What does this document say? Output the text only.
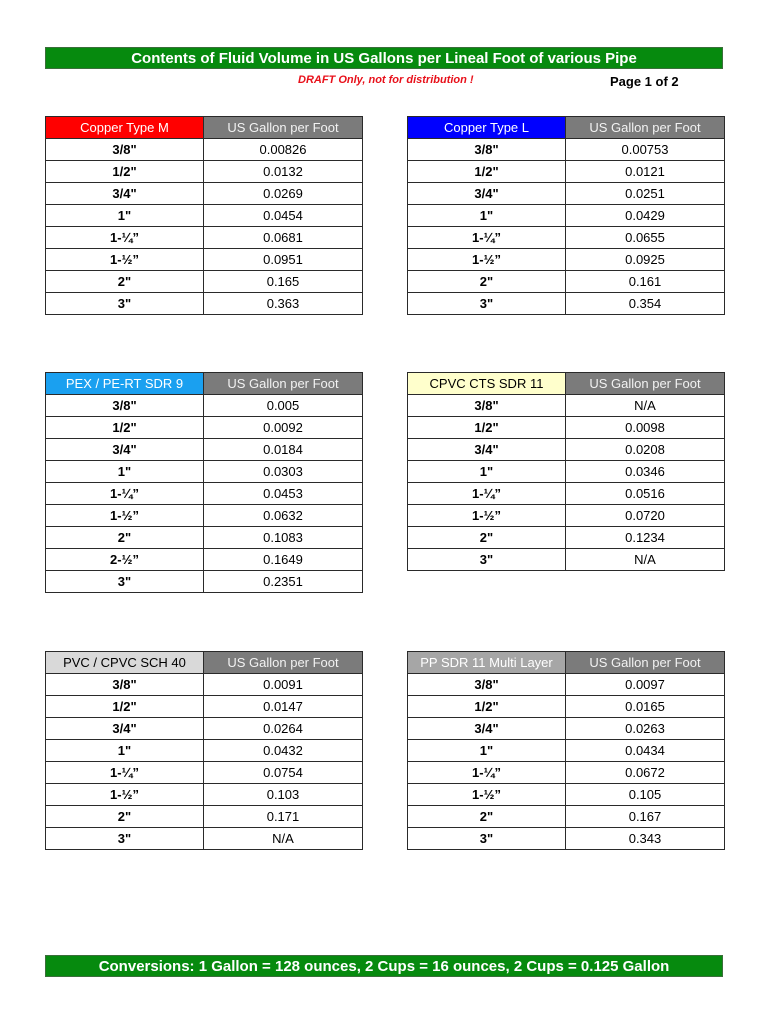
Contents of Fluid Volume in US Gallons per Lineal Foot of various Pipe
DRAFT Only, not for distribution !	Page 1 of 2
Copper Type M	US Gallon per Foot
3/8"	0.00826
1/2"	0.0132
3/4"	0.0269
1"	0.0454
1-¼”	0.0681
1-½”	0.0951
2"	0.165
3"	0.363
Copper Type L	US Gallon per Foot
3/8"	0.00753
1/2"	0.0121
3/4"	0.0251
1"	0.0429
1-¼”	0.0655
1-½”	0.0925
2"	0.161
3"	0.354
PEX / PE-RT SDR 9	US Gallon per Foot
3/8"	0.005
1/2"	0.0092
3/4"	0.0184
1"	0.0303
1-¼”	0.0453
1-½”	0.0632
2"	0.1083
2-½”	0.1649
3"	0.2351
CPVC CTS SDR 11	US Gallon per Foot
3/8"	N/A
1/2"	0.0098
3/4"	0.0208
1"	0.0346
1-¼”	0.0516
1-½”	0.0720
2"	0.1234
3"	N/A
PVC / CPVC SCH 40	US Gallon per Foot
3/8"	0.0091
1/2"	0.0147
3/4"	0.0264
1"	0.0432
1-¼”	0.0754
1-½”	0.103
2"	0.171
3"	N/A
PP SDR 11 Multi Layer	US Gallon per Foot
3/8"	0.0097
1/2"	0.0165
3/4"	0.0263
1"	0.0434
1-¼”	0.0672
1-½”	0.105
2"	0.167
3"	0.343
Conversions: 1 Gallon = 128 ounces, 2 Cups = 16 ounces, 2 Cups = 0.125 Gallon
